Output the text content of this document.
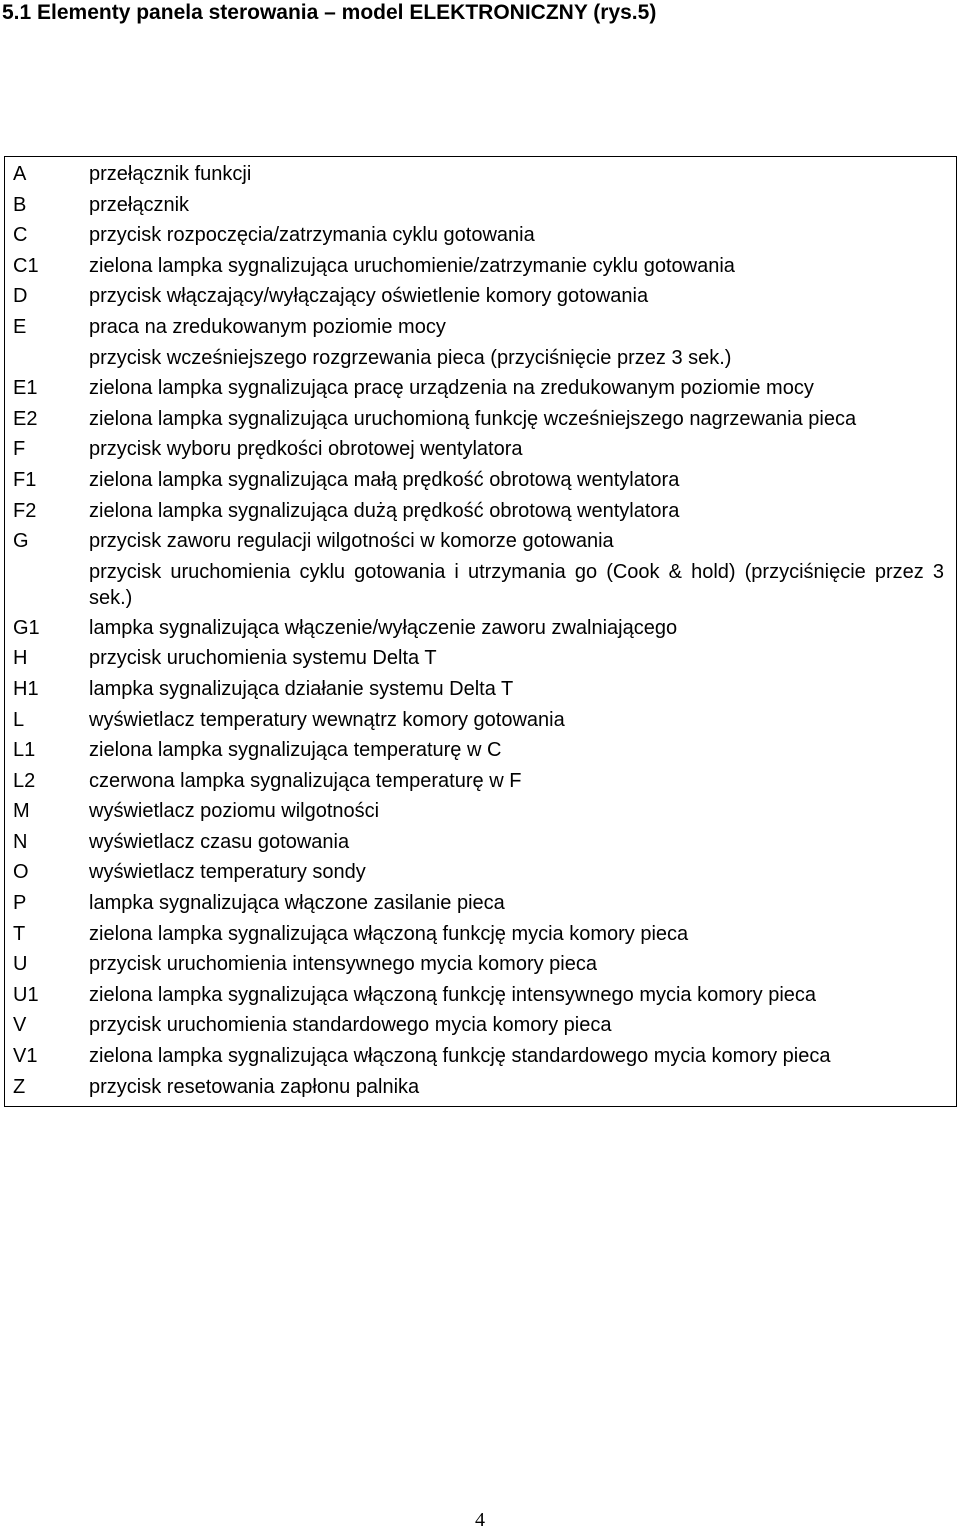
5.1 Elementy panela sterowania – model ELEKTRONICZNY (rys.5)
A	przełącznik funkcji
B	przełącznik
C	przycisk rozpoczęcia/zatrzymania cyklu gotowania
C1	zielona lampka sygnalizująca uruchomienie/zatrzymanie cyklu gotowania
D	przycisk włączający/wyłączający oświetlenie komory gotowania
E	praca na zredukowanym poziomie mocy
przycisk wcześniejszego rozgrzewania pieca (przyciśnięcie przez 3 sek.)
E1	zielona lampka sygnalizująca pracę urządzenia na zredukowanym poziomie mocy
E2	zielona lampka sygnalizująca uruchomioną funkcję wcześniejszego nagrzewania pieca
F	przycisk wyboru prędkości obrotowej wentylatora
F1	zielona lampka sygnalizująca małą prędkość obrotową wentylatora
F2	zielona lampka sygnalizująca dużą prędkość obrotową wentylatora
G	przycisk zaworu regulacji wilgotności w komorze gotowania
przycisk uruchomienia cyklu gotowania i utrzymania go (Cook & hold) (przyciśnięcie przez 3 sek.)
G1	lampka sygnalizująca włączenie/wyłączenie zaworu zwalniającego
H	przycisk uruchomienia systemu Delta T
H1	lampka sygnalizująca działanie systemu Delta T
L	wyświetlacz temperatury wewnątrz komory gotowania
L1	zielona lampka sygnalizująca temperaturę w C
L2	czerwona lampka sygnalizująca temperaturę w F
M	wyświetlacz poziomu wilgotności
N	wyświetlacz czasu gotowania
O	wyświetlacz temperatury sondy
P	lampka sygnalizująca włączone zasilanie pieca
T	zielona lampka sygnalizująca włączoną funkcję mycia komory pieca
U	przycisk uruchomienia intensywnego mycia komory pieca
U1	zielona lampka sygnalizująca włączoną funkcję intensywnego mycia komory pieca
V	przycisk uruchomienia standardowego mycia komory pieca
V1	zielona lampka sygnalizująca włączoną funkcję standardowego mycia komory pieca
Z	przycisk resetowania zapłonu palnika
4
